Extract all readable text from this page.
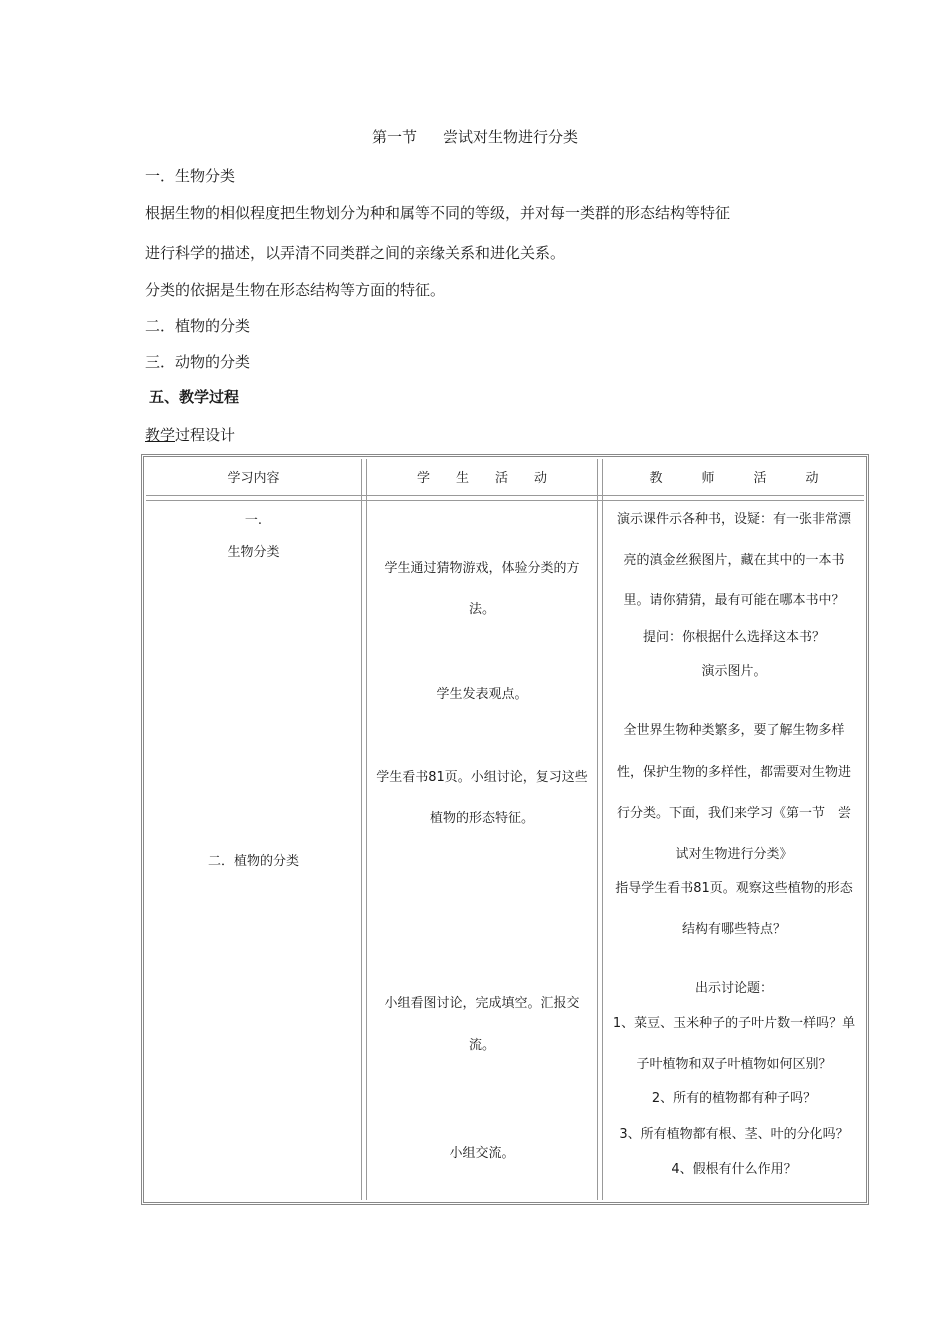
第一节 尝试对生物进行分类
一．生物分类
根据生物的相似程度把生物划分为种和属等不同的等级，并对每一类群的形态结构等特征
进行科学的描述，以弄清不同类群之间的亲缘关系和进化关系。
分类的依据是生物在形态结构等方面的特征。
二．植物的分类
三．动物的分类
五、教学过程
教学过程设计
学习内容	学　　生　　活　　动	教　　　师　　　活　　　动
一.
生物分类
二．植物的分类
学生通过猜物游戏，体验分类的方
法。
学生发表观点。
学生看书81页。小组讨论，复习这些
植物的形态特征。
小组看图讨论，完成填空。汇报交
流。
小组交流。
演示课件示各种书，设疑：有一张非常漂
亮的滇金丝猴图片，藏在其中的一本书
里。请你猜猜，最有可能在哪本书中？
提问：你根据什么选择这本书？
演示图片。
全世界生物种类繁多，要了解生物多样
性，保护生物的多样性，都需要对生物进
行分类。下面，我们来学习《第一节　尝
试对生物进行分类》
指导学生看书81页。观察这些植物的形态
结构有哪些特点？
出示讨论题：
1、菜豆、玉米种子的子叶片数一样吗？单
子叶植物和双子叶植物如何区别？
2、所有的植物都有种子吗？
3、所有植物都有根、茎、叶的分化吗？
4、假根有什么作用？
